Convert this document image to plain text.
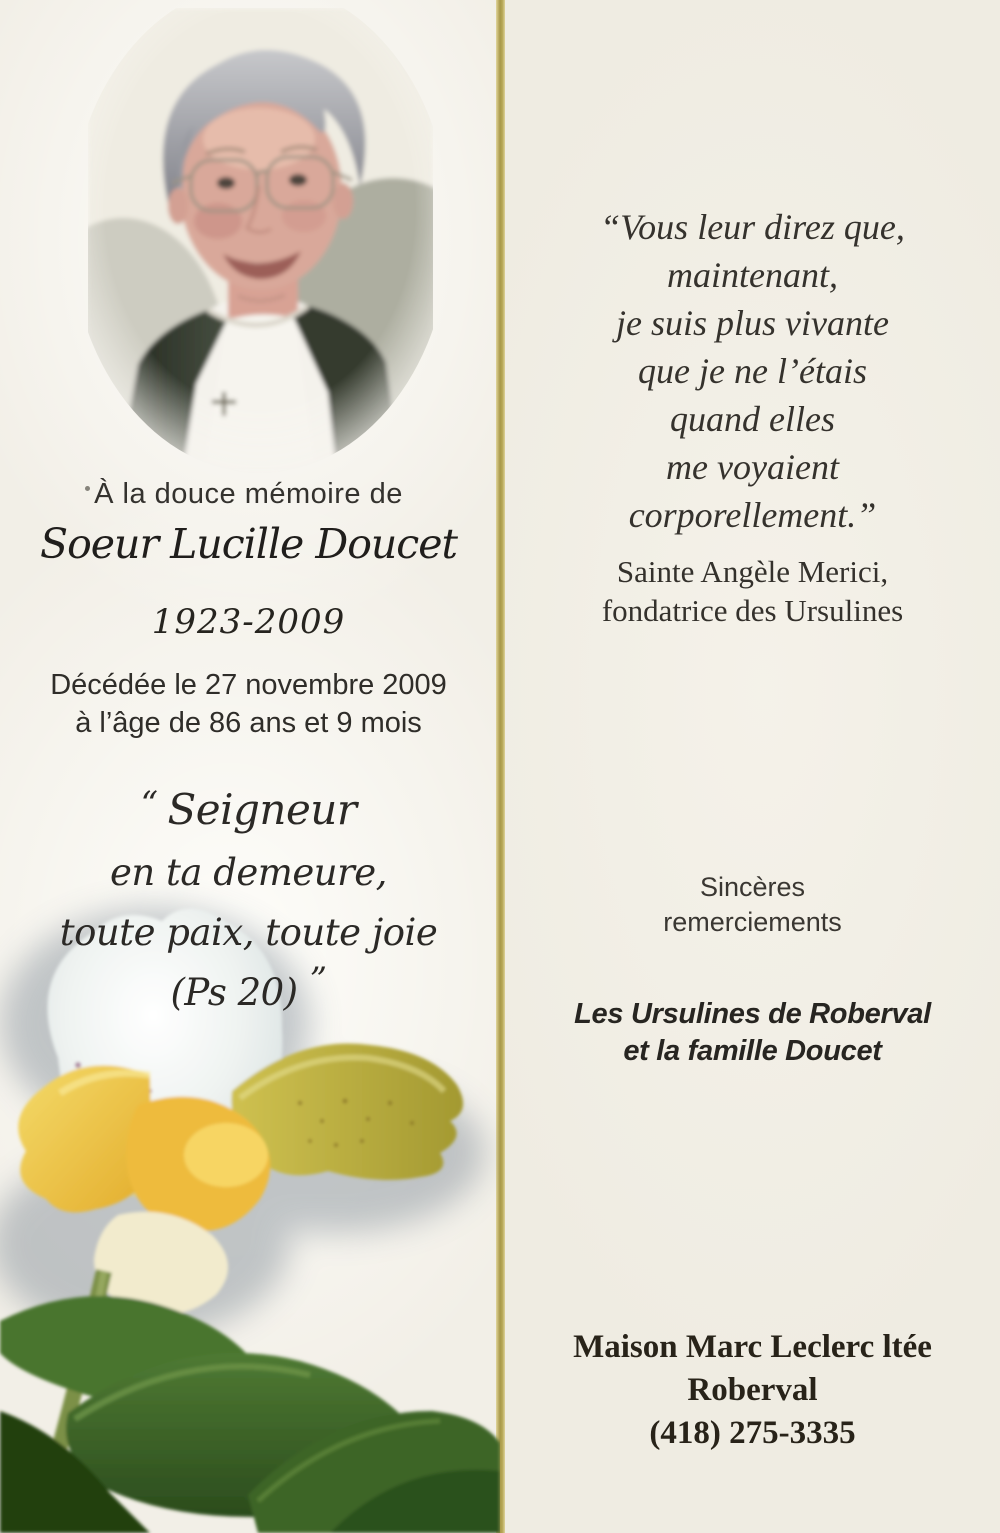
À la douce mémoire de
Soeur Lucille Doucet
1923-2009
Décédée le 27 novembre 2009
à l’âge de 86 ans et 9 mois
“ Seigneur
en ta demeure,
toute paix, toute joie
(Ps 20) ”
“Vous leur direz que,
maintenant,
je suis plus vivante
que je ne l’étais
quand elles
me voyaient
corporellement.”
Sainte Angèle Merici,
fondatrice des Ursulines
Sincères
remerciements
Les Ursulines de Roberval
et la famille Doucet
Maison Marc Leclerc ltée
Roberval
(418) 275-3335
